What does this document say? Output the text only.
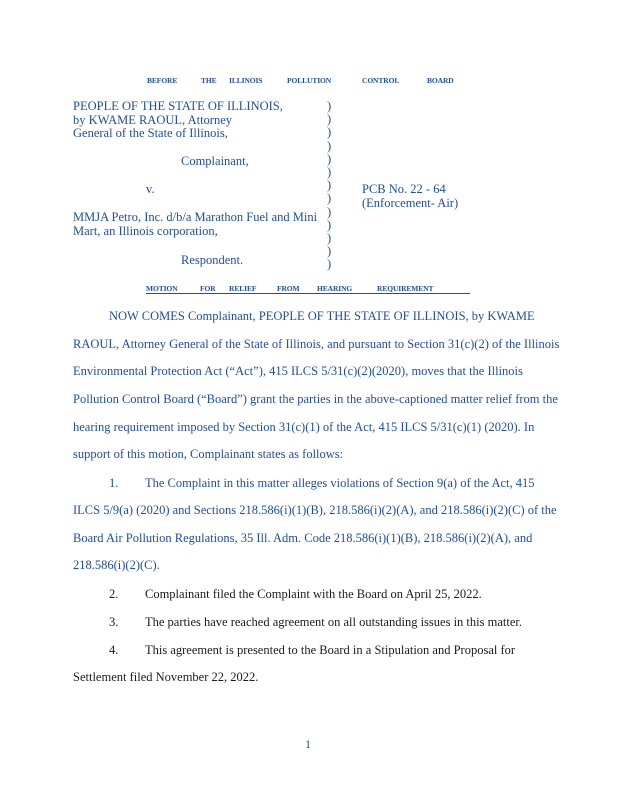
BEFORE	THE ILLINOIS	POLLUTION	CONTROL	BOARD
PEOPLE OF THE STATE OF ILLINOIS,
by KWAME RAOUL, Attorney
General of the State of Illinois,
Complainant,
v.
MMJA Petro, Inc. d/b/a Marathon Fuel and Mini
Mart, an Illinois corporation,
Respondent.
)
)
)
)
)
)
)
)
)
)
)
)
)
PCB No. 22 - 64
(Enforcement- Air)
MOTION	FOR RELIEF	FROM HEARING	REQUIREMENT
NOW COMES Complainant, PEOPLE OF THE STATE OF ILLINOIS, by KWAME
RAOUL, Attorney General of the State of Illinois, and pursuant to Section 31(c)(2) of the Illinois
Environmental Protection Act (“Act”), 415 ILCS 5/31(c)(2)(2020), moves that the Illinois
Pollution Control Board (“Board”) grant the parties in the above-captioned matter relief from the
hearing requirement imposed by Section 31(c)(1) of the Act, 415 ILCS 5/31(c)(1) (2020). In
support of this motion, Complainant states as follows:
1. The Complaint in this matter alleges violations of Section 9(a) of the Act, 415
ILCS 5/9(a) (2020) and Sections 218.586(i)(1)(B), 218.586(i)(2)(A), and 218.586(i)(2)(C) of the
Board Air Pollution Regulations, 35 Ill. Adm. Code 218.586(i)(1)(B), 218.586(i)(2)(A), and
218.586(i)(2)(C).
2. Complainant filed the Complaint with the Board on April 25, 2022.
3. The parties have reached agreement on all outstanding issues in this matter.
4. This agreement is presented to the Board in a Stipulation and Proposal for
Settlement filed November 22, 2022.
1
